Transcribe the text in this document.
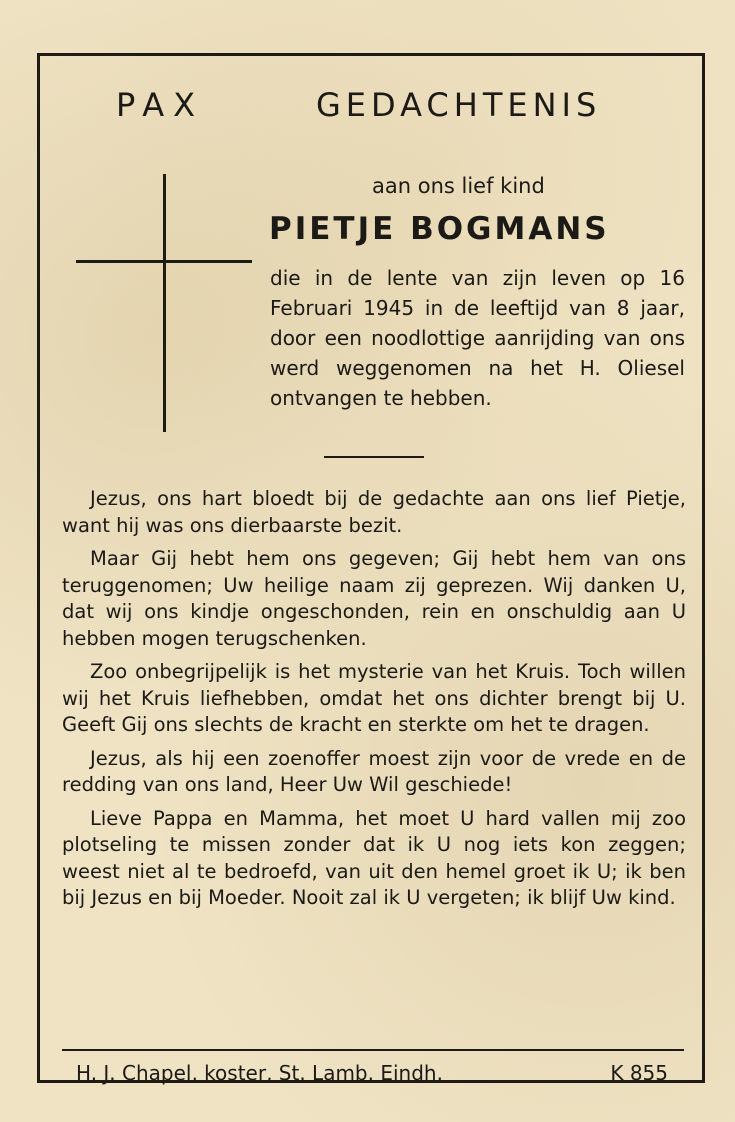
PAX	GEDACHTENIS
aan ons lief kind
PIETJE BOGMANS
die in de lente van zijn leven op 16 Februari 1945 in de leeftijd van 8 jaar, door een noodlottige aanrijding van ons werd weggenomen na het H. Oliesel ontvangen te hebben.

Jezus, ons hart bloedt bij de gedachte aan ons lief Pietje, want hij was ons dierbaarste bezit.

Maar Gij hebt hem ons gegeven; Gij hebt hem van ons teruggenomen; Uw heilige naam zij geprezen. Wij danken U, dat wij ons kindje ongeschonden, rein en onschuldig aan U hebben mogen terugschenken.

Zoo onbegrijpelijk is het mysterie van het Kruis. Toch willen wij het Kruis liefhebben, omdat het ons dichter brengt bij U. Geeft Gij ons slechts de kracht en sterkte om het te dragen.

Jezus, als hij een zoenoffer moest zijn voor de vrede en de redding van ons land, Heer Uw Wil geschiede!

Lieve Pappa en Mamma, het moet U hard vallen mij zoo plotseling te missen zonder dat ik U nog iets kon zeggen; weest niet al te bedroefd, van uit den hemel groet ik U; ik ben bij Jezus en bij Moeder. Nooit zal ik U vergeten; ik blijf Uw kind.

H. J. Chapel, koster, St. Lamb. Eindh.	K 855
